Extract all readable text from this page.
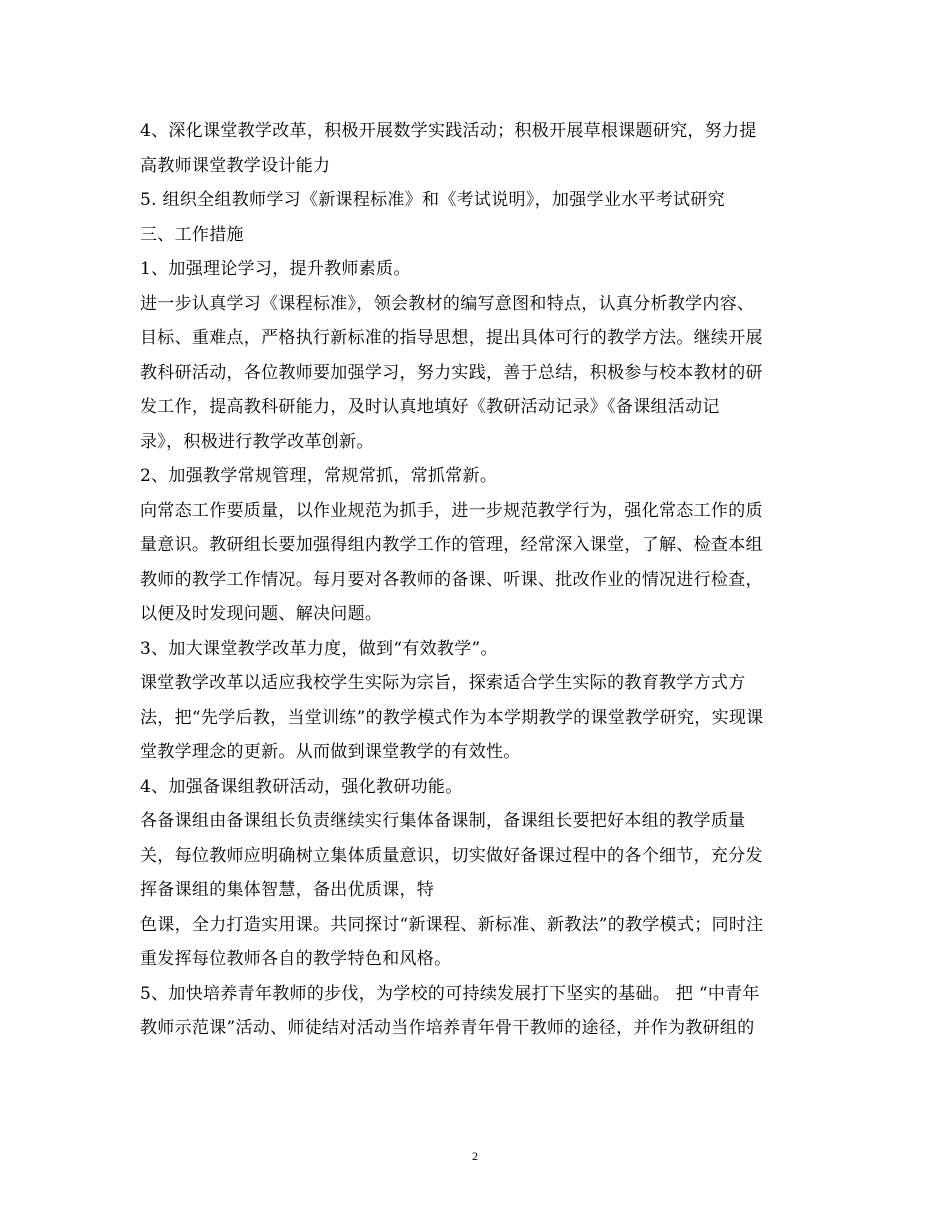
4、深化课堂教学改革，积极开展数学实践活动；积极开展草根课题研究，努力提
高教师课堂教学设计能力
5. 组织全组教师学习《新课程标准》和《考试说明》，加强学业水平考试研究
三、工作措施
1、加强理论学习，提升教师素质。
进一步认真学习《课程标准》，领会教材的编写意图和特点，认真分析教学内容、
目标、重难点，严格执行新标准的指导思想，提出具体可行的教学方法。继续开展
教科研活动，各位教师要加强学习，努力实践，善于总结，积极参与校本教材的研
发工作，提高教科研能力，及时认真地填好《教研活动记录》《备课组活动记
录》，积极进行教学改革创新。
2、加强教学常规管理，常规常抓，常抓常新。
向常态工作要质量，以作业规范为抓手，进一步规范教学行为，强化常态工作的质
量意识。教研组长要加强得组内教学工作的管理，经常深入课堂，了解、检查本组
教师的教学工作情况。每月要对各教师的备课、听课、批改作业的情况进行检查，
以便及时发现问题、解决问题。
3、加大课堂教学改革力度，做到“有效教学”。
课堂教学改革以适应我校学生实际为宗旨，探索适合学生实际的教育教学方式方
法，把“先学后教，当堂训练”的教学模式作为本学期教学的课堂教学研究，实现课
堂教学理念的更新。从而做到课堂教学的有效性。
4、加强备课组教研活动，强化教研功能。
各备课组由备课组长负责继续实行集体备课制，备课组长要把好本组的教学质量
关，每位教师应明确树立集体质量意识，切实做好备课过程中的各个细节，充分发
挥备课组的集体智慧，备出优质课，特
色课，全力打造实用课。共同探讨“新课程、新标准、新教法”的教学模式；同时注
重发挥每位教师各自的教学特色和风格。
5、加快培养青年教师的步伐，为学校的可持续发展打下坚实的基础。 把 “中青年
教师示范课”活动、师徒结对活动当作培养青年骨干教师的途径，并作为教研组的
2
